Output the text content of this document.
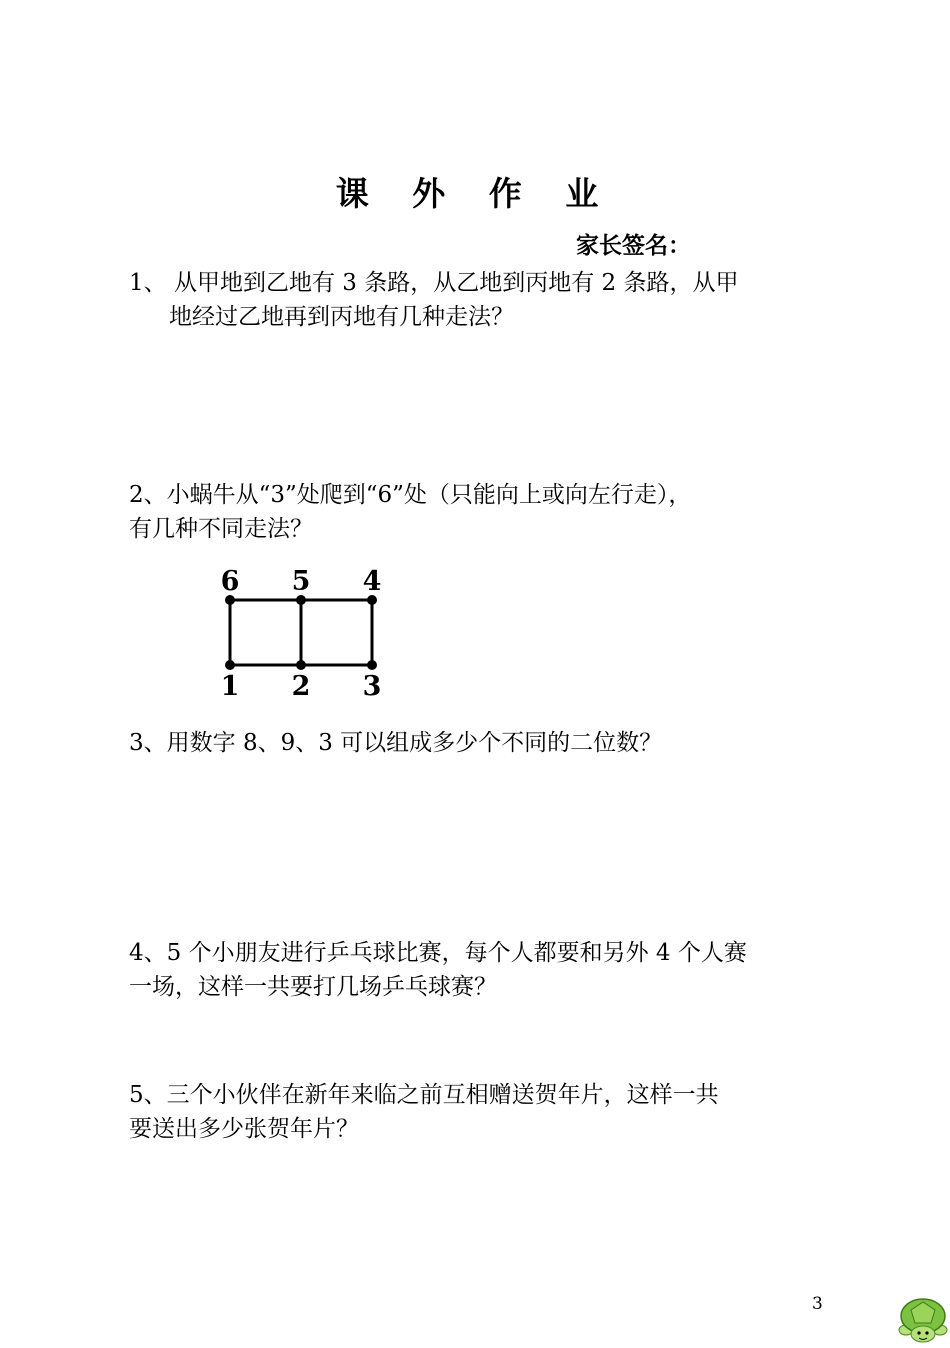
课 外 作 业
家长签名：
1、 从甲地到乙地有 3 条路，从乙地到丙地有 2 条路，从甲
地经过乙地再到丙地有几种走法？
2、小蜗牛从“3”处爬到“6”处（只能向上或向左行走），
有几种不同走法？
6 5 4
1 2 3
3、用数字 8、9、3 可以组成多少个不同的二位数？
4、5 个小朋友进行乒乓球比赛，每个人都要和另外 4 个人赛
一场，这样一共要打几场乒乓球赛？
5、三个小伙伴在新年来临之前互相赠送贺年片，这样一共
要送出多少张贺年片？
3
